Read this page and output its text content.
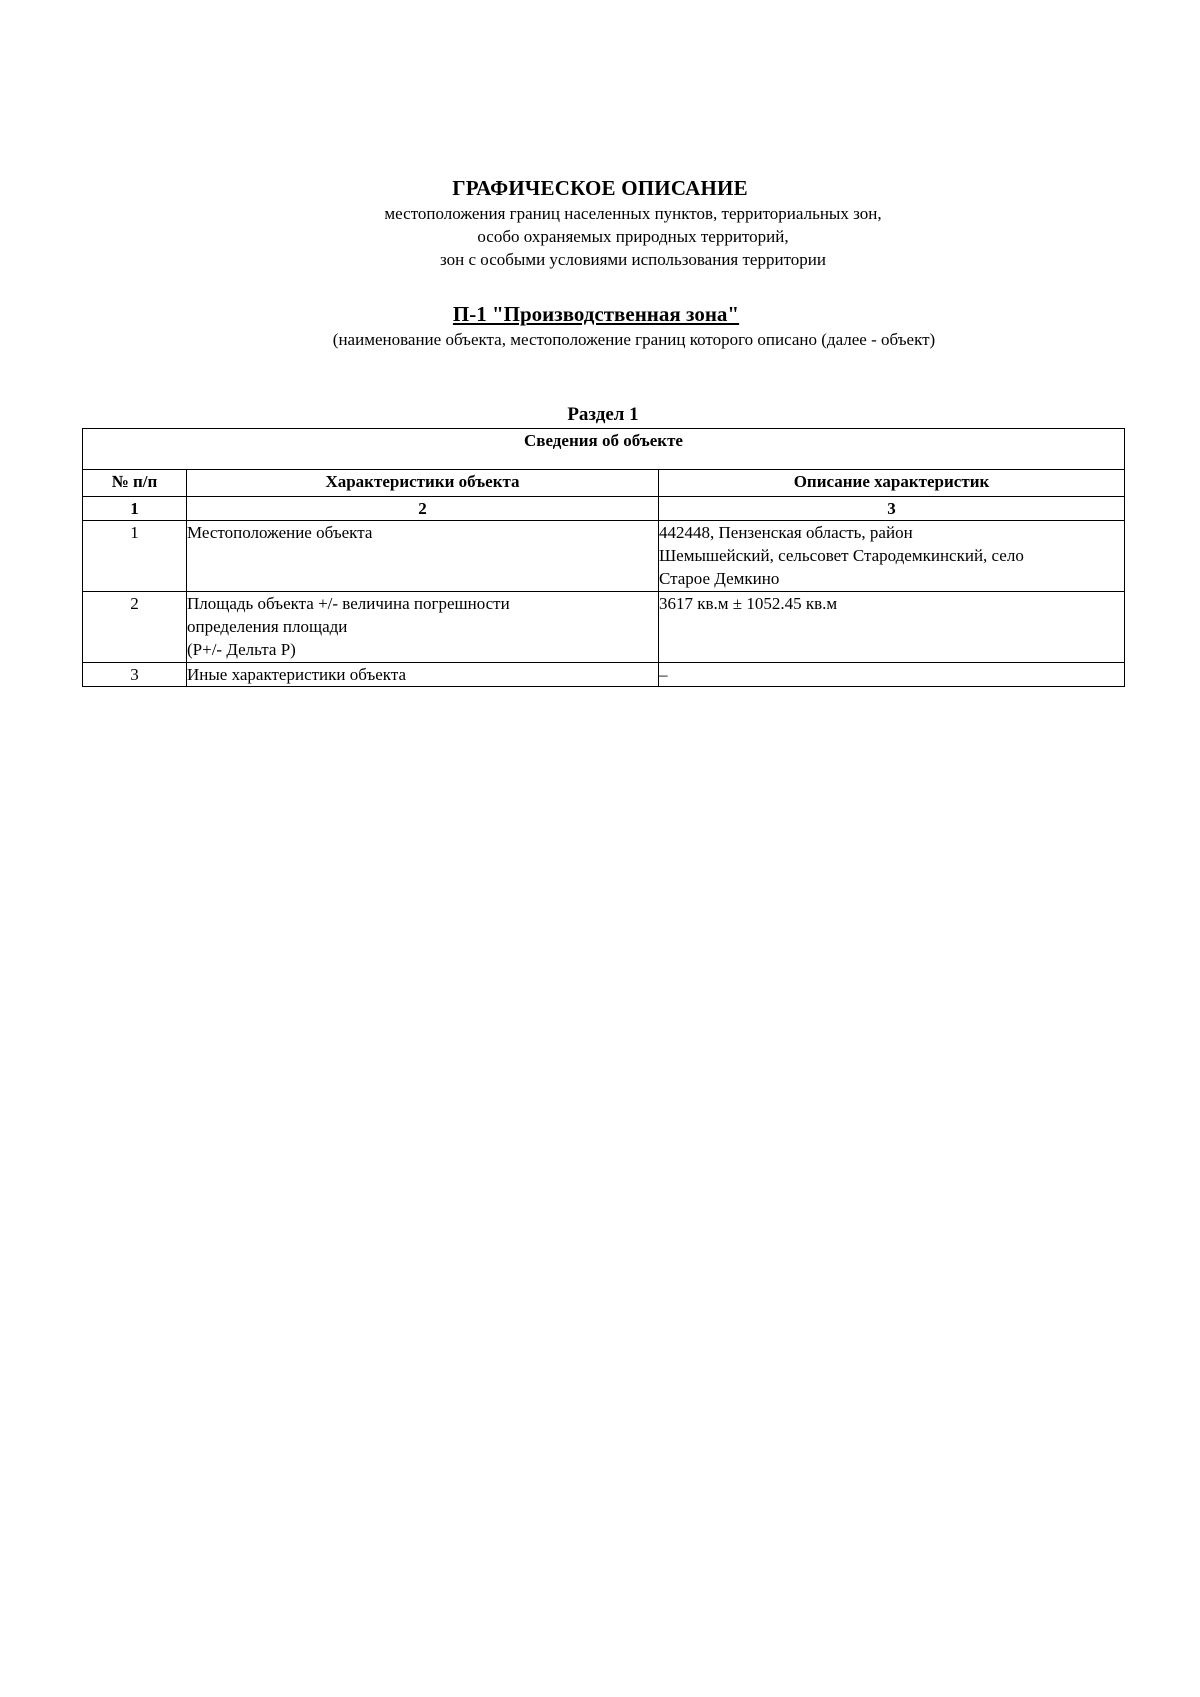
ГРАФИЧЕСКОЕ ОПИСАНИЕ
местоположения границ населенных пунктов, территориальных зон,
особо охраняемых природных территорий,
зон с особыми условиями использования территории
П-1 "Производственная зона"
(наименование объекта, местоположение границ которого описано (далее - объект)
Раздел 1
Сведения об объекте		
№ п/п	Характеристики объекта	Описание характеристик
1	2	3
1	Местоположение объекта	442448, Пензенская область, район
Шемышейский, сельсовет Стародемкинский, село
Старое Демкино

2	Площадь объекта +/- величина погрешности
определения площади
(P+/- Дельта P)	3617 кв.м ± 1052.45 кв.м

3	Иные характеристики объекта	–
